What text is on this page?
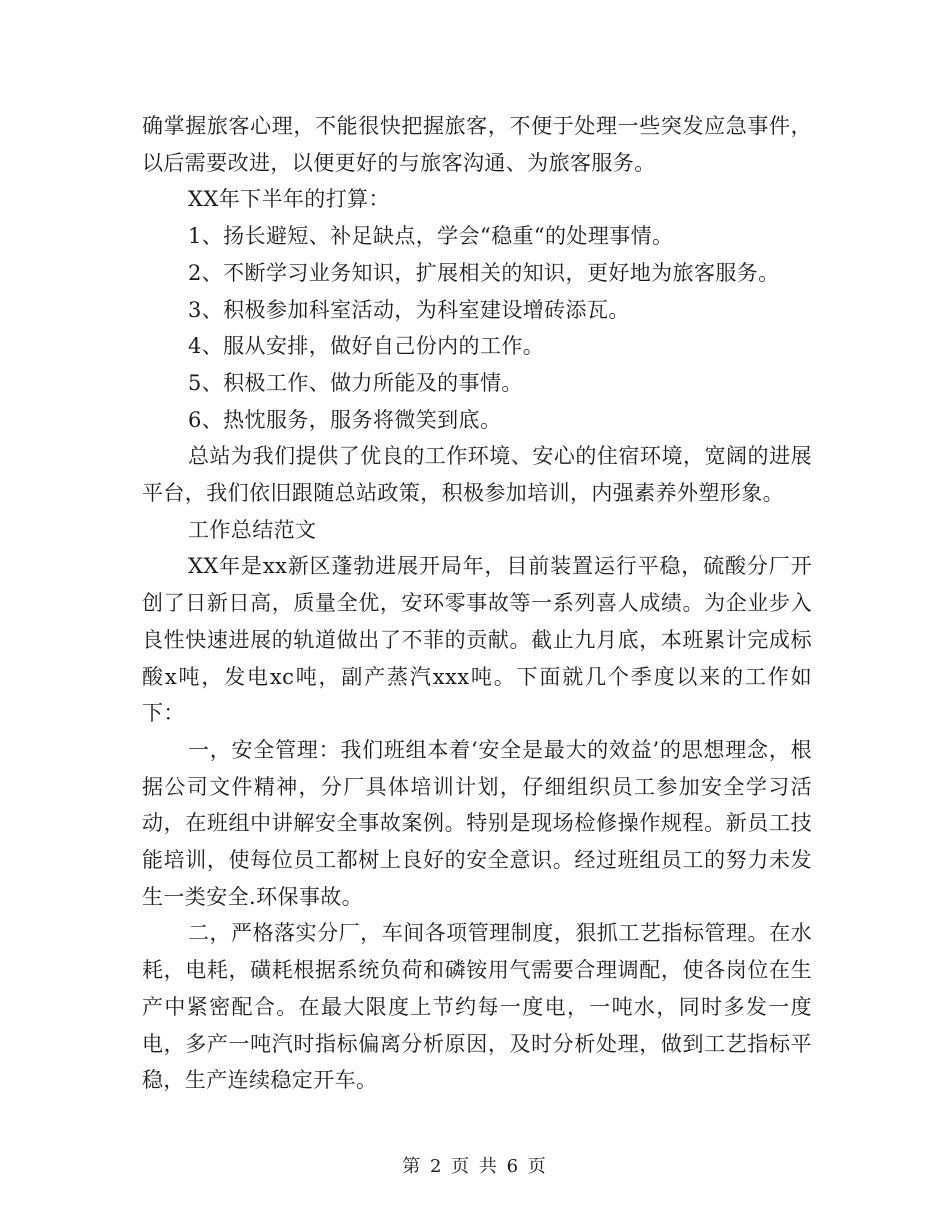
确掌握旅客心理，不能很快把握旅客，不便于处理一些突发应急事件，以后需要改进，以便更好的与旅客沟通、为旅客服务。

XX年下半年的打算：

1、扬长避短、补足缺点，学会“稳重“的处理事情。

2、不断学习业务知识，扩展相关的知识，更好地为旅客服务。

3、积极参加科室活动，为科室建设增砖添瓦。

4、服从安排，做好自己份内的工作。

5、积极工作、做力所能及的事情。

6、热忱服务，服务将微笑到底。

总站为我们提供了优良的工作环境、安心的住宿环境，宽阔的进展平台，我们依旧跟随总站政策，积极参加培训，内强素养外塑形象。

工作总结范文

XX年是xx新区蓬勃进展开局年，目前装置运行平稳，硫酸分厂开创了日新日高，质量全优，安环零事故等一系列喜人成绩。为企业步入良性快速进展的轨道做出了不菲的贡献。截止九月底，本班累计完成标酸x吨，发电xc吨，副产蒸汽xxx吨。下面就几个季度以来的工作如下：

一，安全管理：我们班组本着‘安全是最大的效益’的思想理念，根据公司文件精神，分厂具体培训计划，仔细组织员工参加安全学习活动，在班组中讲解安全事故案例。特别是现场检修操作规程。新员工技能培训，使每位员工都树上良好的安全意识。经过班组员工的努力未发生一类安全.环保事故。

二，严格落实分厂，车间各项管理制度，狠抓工艺指标管理。在水耗，电耗，磺耗根据系统负荷和磷铵用气需要合理调配，使各岗位在生产中紧密配合。在最大限度上节约每一度电，一吨水，同时多发一度电，多产一吨汽时指标偏离分析原因，及时分析处理，做到工艺指标平稳，生产连续稳定开车。

第 2 页 共 6 页
